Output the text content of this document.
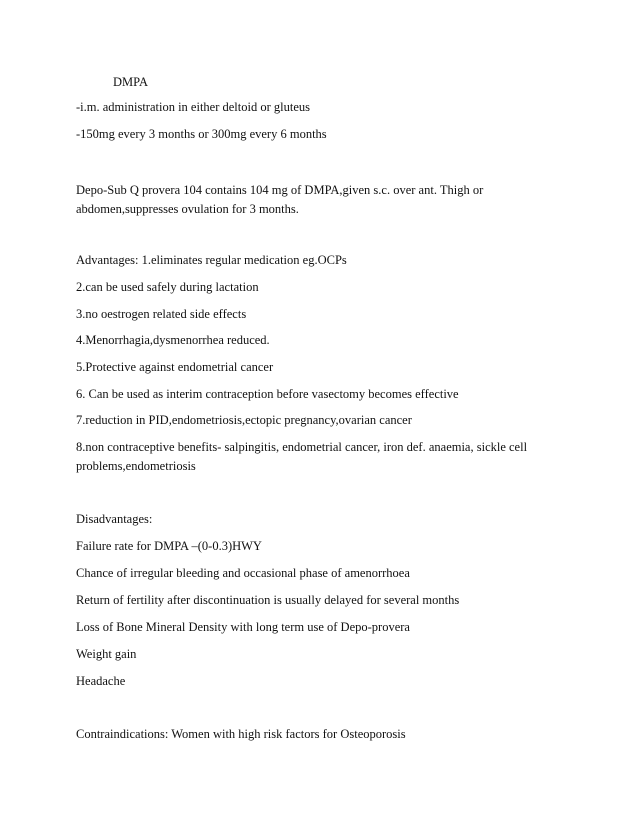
DMPA
-i.m. administration in either deltoid or gluteus
-150mg every 3 months or 300mg every 6 months
Depo-Sub Q provera 104 contains 104 mg of DMPA,given s.c. over ant. Thigh or abdomen,suppresses ovulation for 3 months.
Advantages: 1.eliminates regular medication eg.OCPs
2.can be used safely during lactation
3.no oestrogen related side effects
4.Menorrhagia,dysmenorrhea reduced.
5.Protective against endometrial cancer
6. Can be used as interim contraception before vasectomy becomes effective
7.reduction in PID,endometriosis,ectopic pregnancy,ovarian cancer
8.non contraceptive benefits- salpingitis, endometrial cancer, iron def. anaemia, sickle cell problems,endometriosis
Disadvantages:
Failure rate for DMPA –(0-0.3)HWY
Chance of irregular bleeding and occasional phase of amenorrhoea
Return of fertility after discontinuation is usually delayed for several months
Loss of Bone Mineral Density with long term use of Depo-provera
Weight gain
Headache
Contraindications: Women with high risk factors for Osteoporosis
